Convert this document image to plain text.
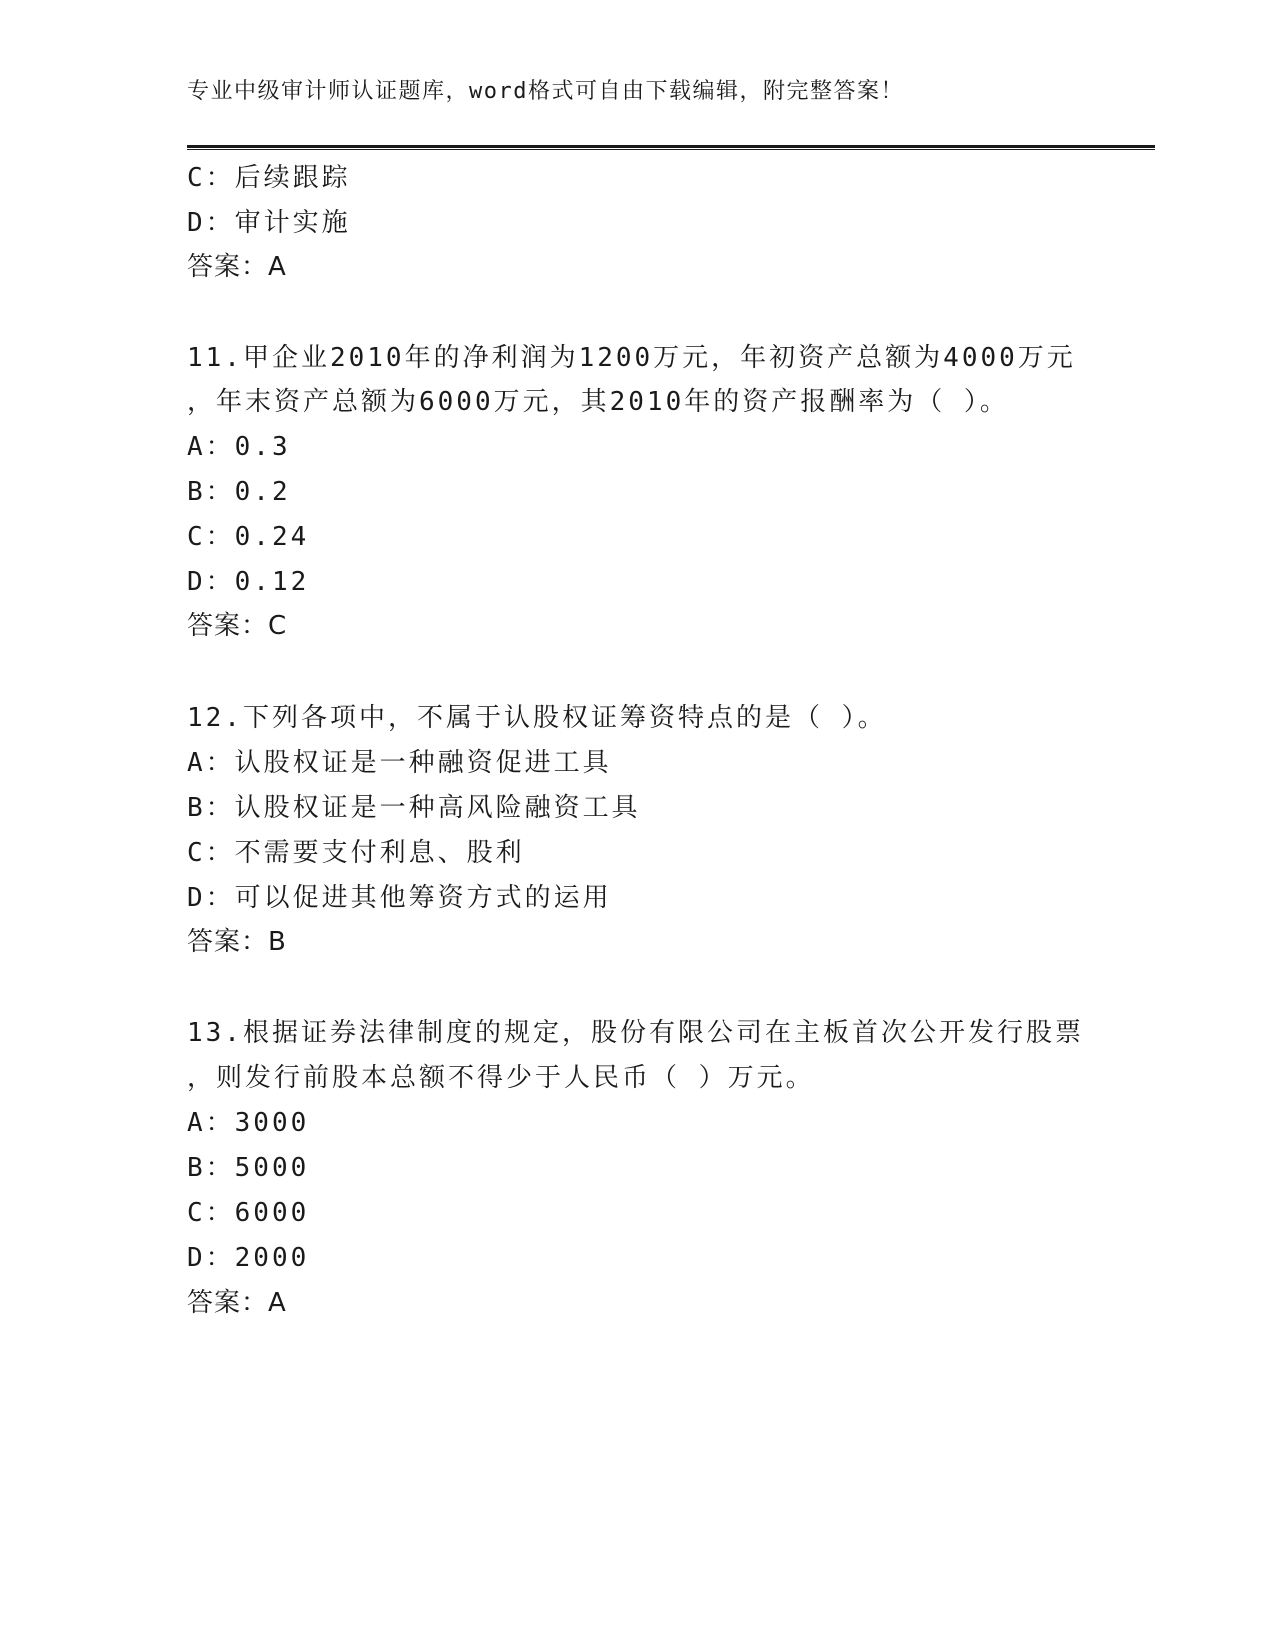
专业中级审计师认证题库，word格式可自由下载编辑，附完整答案！
C：后续跟踪
D：审计实施
答案：A
11.甲企业2010年的净利润为1200万元，年初资产总额为4000万元
，年末资产总额为6000万元，其2010年的资产报酬率为（ ）。
A：0.3
B：0.2
C：0.24
D：0.12
答案：C
12.下列各项中，不属于认股权证筹资特点的是（ ）。
A：认股权证是一种融资促进工具
B：认股权证是一种高风险融资工具
C：不需要支付利息、股利
D：可以促进其他筹资方式的运用
答案：B
13.根据证券法律制度的规定，股份有限公司在主板首次公开发行股票
，则发行前股本总额不得少于人民币（ ）万元。
A：3000
B：5000
C：6000
D：2000
答案：A
